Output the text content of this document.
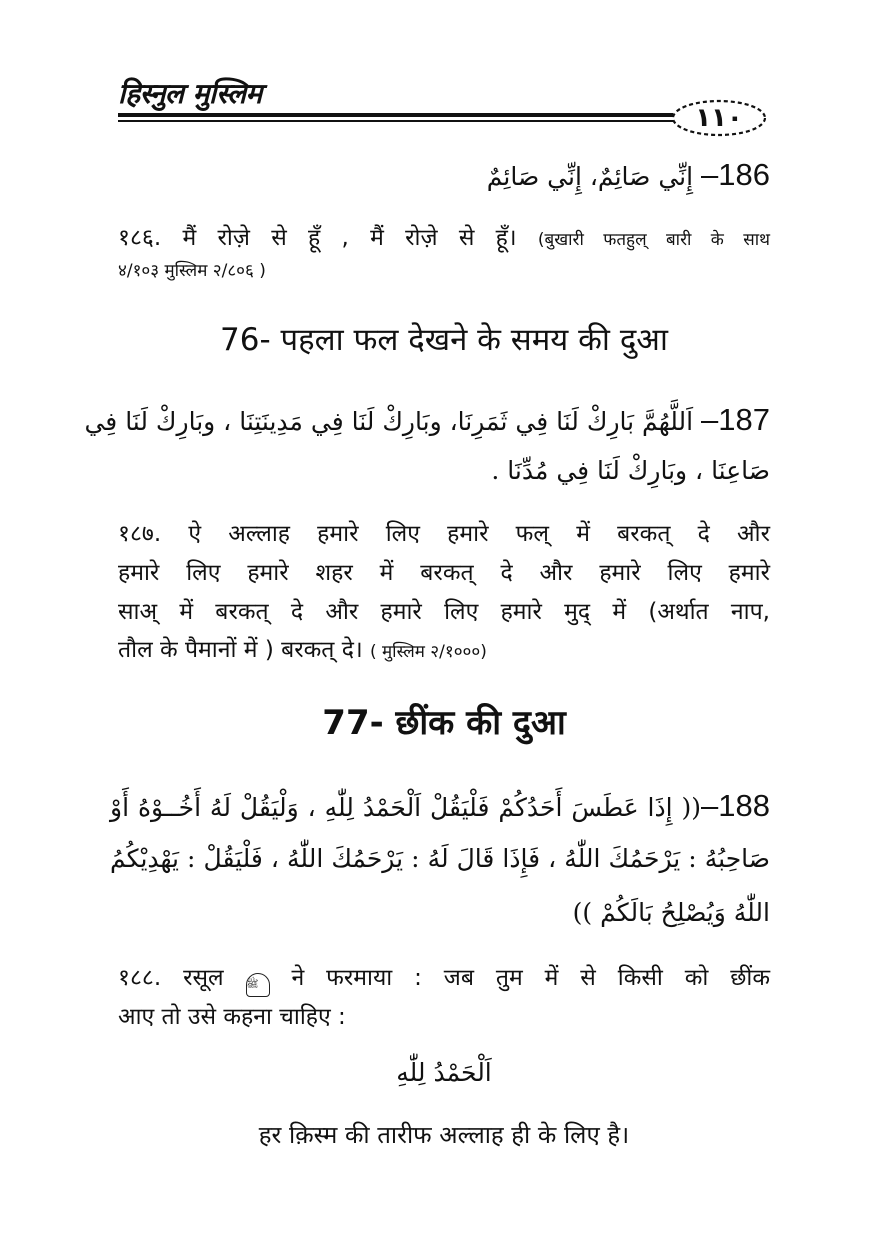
हिस्नुल मुस्लिम
١١٠
186– إِنِّي صَائِمٌ، إِنِّي صَائِمٌ
१८६. मैं रोज़े से हूँ , मैं रोज़े से हूँ। (बुखारी फतहुल् बारी के साथ
४/१०३ मुस्लिम २/८०६ )
76- पहला फल देखने के समय की दुआ
187– اَللَّهُمَّ بَارِكْ لَنَا فِي ثَمَرِنَا، وبَارِكْ لَنَا فِي مَدِينَتِنَا ، وبَارِكْ لَنَا فِي
صَاعِنَا ، وبَارِكْ لَنَا فِي مُدِّنَا .
१८७. ऐ अल्लाह हमारे लिए हमारे फल् में बरकत् दे और
हमारे लिए हमारे शहर में बरकत् दे और हमारे लिए हमारे
साअ् में बरकत् दे और हमारे लिए हमारे मुद् में (अर्थात नाप,
तौल के पैमानों में ) बरकत् दे। ( मुस्लिम २/१०००)
77- छींक की दुआ
188–(( إِذَا عَطَسَ أَحَدُكُمْ فَلْيَقُلْ اَلْحَمْدُ لِلّٰهِ ، وَلْيَقُلْ لَهُ أَخُــوْهُ أَوْ
صَاحِبُهُ : يَرْحَمُكَ اللّٰهُ ، فَإِذَا قَالَ لَهُ : يَرْحَمُكَ اللّٰهُ ، فَلْيَقُلْ : يَهْدِيْكُمُ
اللّٰهُ وَيُصْلِحُ بَالَكُمْ ))
१८८. रसूल ﷺ ने फरमाया : जब तुम में से किसी को छींक
आए तो उसे कहना चाहिए :
اَلْحَمْدُ لِلّٰهِ
हर क़िस्म की तारीफ अल्लाह ही के लिए है।
